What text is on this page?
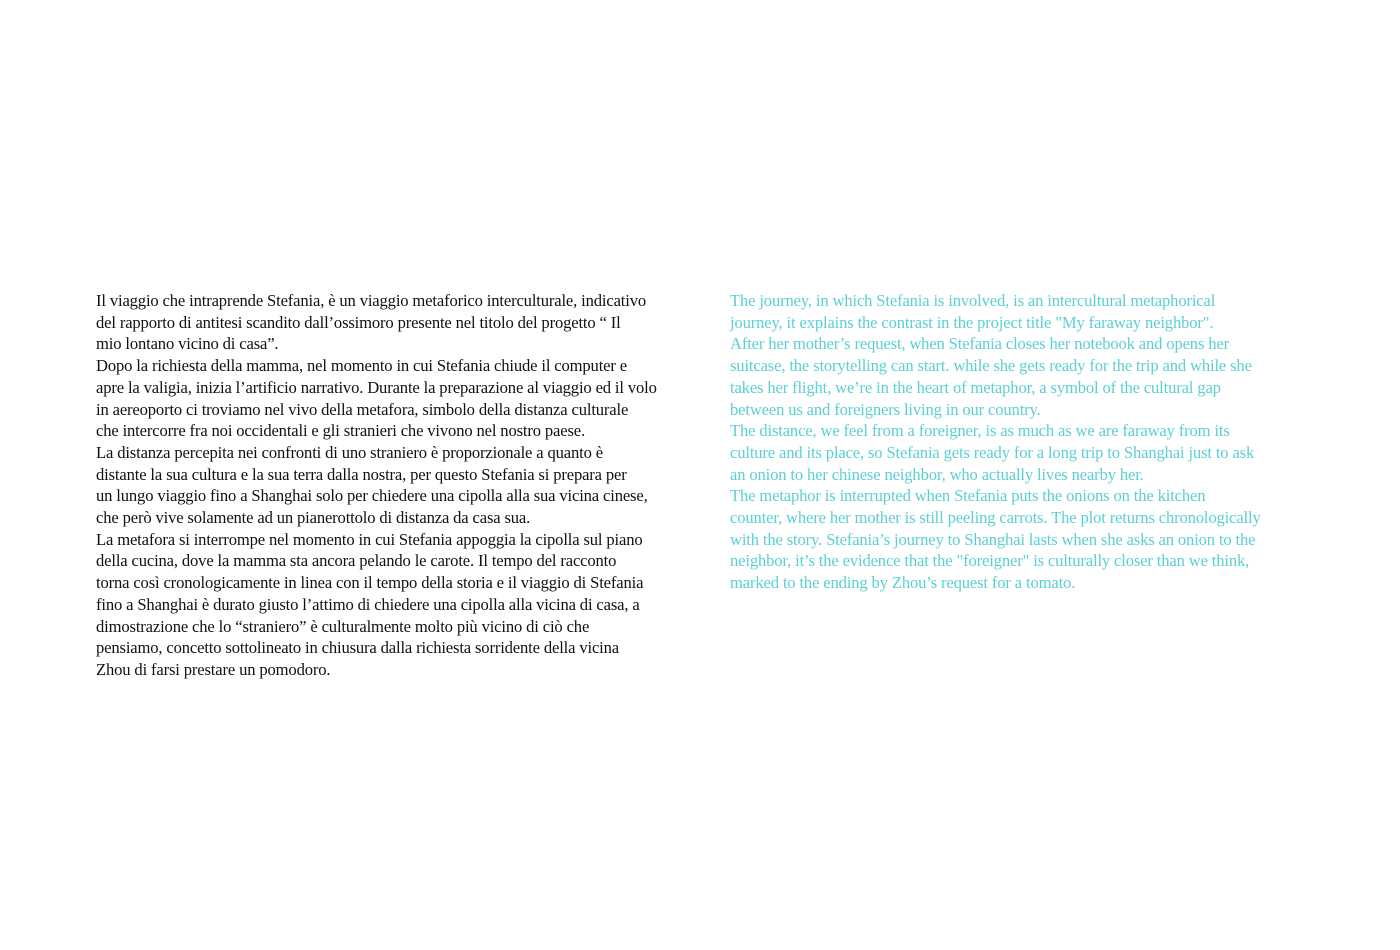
Il viaggio che intraprende Stefania, è un viaggio metaforico interculturale, indicativo
del rapporto di antitesi scandito dall’ossimoro presente nel titolo del progetto “ Il
mio lontano vicino di casa”.

Dopo la richiesta della mamma, nel momento in cui Stefania chiude il computer e
apre la valigia, inizia l’artificio narrativo. Durante la preparazione al viaggio ed il volo
in aereoporto ci troviamo nel vivo della metafora, simbolo della distanza culturale
che intercorre fra noi occidentali e gli stranieri che vivono nel nostro paese.

La distanza percepita nei confronti di uno straniero è proporzionale a quanto è
distante la sua cultura e la sua terra dalla nostra, per questo Stefania si prepara per
un lungo viaggio fino a Shanghai solo per chiedere una cipolla alla sua vicina cinese,
che però vive solamente ad un pianerottolo di distanza da casa sua.

La metafora si interrompe nel momento in cui Stefania appoggia la cipolla sul piano
della cucina, dove la mamma sta ancora pelando le carote. Il tempo del racconto
torna così cronologicamente in linea con il tempo della storia e il viaggio di Stefania
fino a Shanghai è durato giusto l’attimo di chiedere una cipolla alla vicina di casa, a
dimostrazione che lo “straniero” è culturalmente molto più vicino di ciò che
pensiamo, concetto sottolineato in chiusura dalla richiesta sorridente della vicina
Zhou di farsi prestare un pomodoro.

The journey, in which Stefania is involved, is an intercultural metaphorical
journey, it explains the contrast in the project title "My faraway neighbor".

After her mother’s request, when Stefania closes her notebook and opens her
suitcase, the storytelling can start. while she gets ready for the trip and while she
takes her flight, we’re in the heart of metaphor, a symbol of the cultural gap
between us and foreigners living in our country.

The distance, we feel from a foreigner, is as much as we are faraway from its
culture and its place, so Stefania gets ready for a long trip to Shanghai just to ask
an onion to her chinese neighbor, who actually lives nearby her.

The metaphor is interrupted when Stefania puts the onions on the kitchen
counter, where her mother is still peeling carrots. The plot returns chronologically
with the story. Stefania’s journey to Shanghai lasts when she asks an onion to the
neighbor, it’s the evidence that the "foreigner" is culturally closer than we think,
marked to the ending by Zhou’s request for a tomato.
